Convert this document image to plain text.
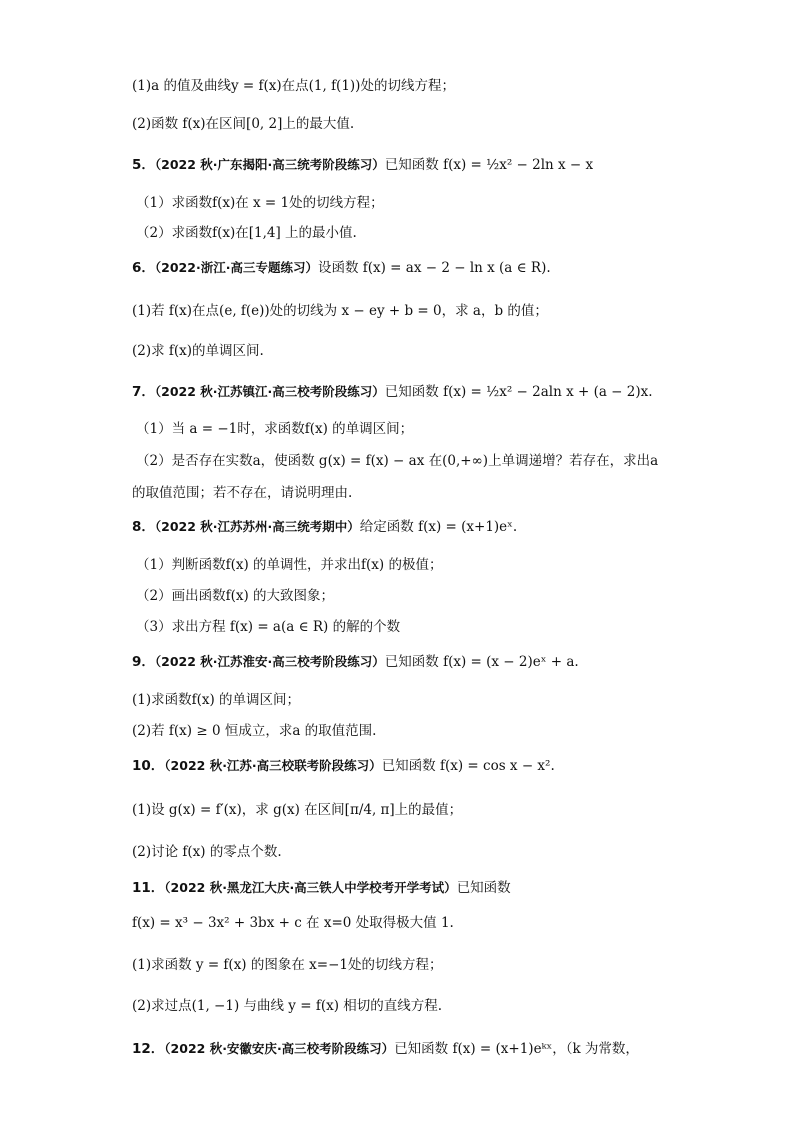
(1)a 的值及曲线y = f(x)在点(1, f(1))处的切线方程；
(2)函数 f(x)在区间[0, 2]上的最大值.
5．（2022 秋·广东揭阳·高三统考阶段练习）已知函数 f(x) = ½x² − 2ln x − x
（1）求函数f(x)在 x = 1处的切线方程；
（2）求函数f(x)在[1,4] 上的最小值.
6．（2022·浙江·高三专题练习）设函数 f(x) = ax − 2 − ln x (a ∈ R).
(1)若 f(x)在点(e, f(e))处的切线为 x − ey + b = 0，求 a，b 的值；
(2)求 f(x)的单调区间.
7．（2022 秋·江苏镇江·高三校考阶段练习）已知函数 f(x) = ½x² − 2aln x + (a − 2)x.
（1）当 a = −1时，求函数f(x) 的单调区间；
（2）是否存在实数a，使函数 g(x) = f(x) − ax 在(0,+∞)上单调递增？若存在，求出a
的取值范围；若不存在，请说明理由.
8．（2022 秋·江苏苏州·高三统考期中）给定函数 f(x) = (x+1)eˣ.
（1）判断函数f(x) 的单调性，并求出f(x) 的极值；
（2）画出函数f(x) 的大致图象；
（3）求出方程 f(x) = a(a ∈ R) 的解的个数
9．（2022 秋·江苏淮安·高三校考阶段练习）已知函数 f(x) = (x − 2)eˣ + a.
(1)求函数f(x) 的单调区间；
(2)若 f(x) ≥ 0 恒成立，求a 的取值范围.
10．（2022 秋·江苏·高三校联考阶段练习）已知函数 f(x) = cos x − x².
(1)设 g(x) = f′(x)，求 g(x) 在区间[π/4, π]上的最值；
(2)讨论 f(x) 的零点个数.
11．（2022 秋·黑龙江大庆·高三铁人中学校考开学考试）已知函数
f(x) = x³ − 3x² + 3bx + c 在 x=0 处取得极大值 1.
(1)求函数 y = f(x) 的图象在 x=−1处的切线方程；
(2)求过点(1, −1) 与曲线 y = f(x) 相切的直线方程.
12．（2022 秋·安徽安庆·高三校考阶段练习）已知函数 f(x) = (x+1)eᵏˣ，（k 为常数，
